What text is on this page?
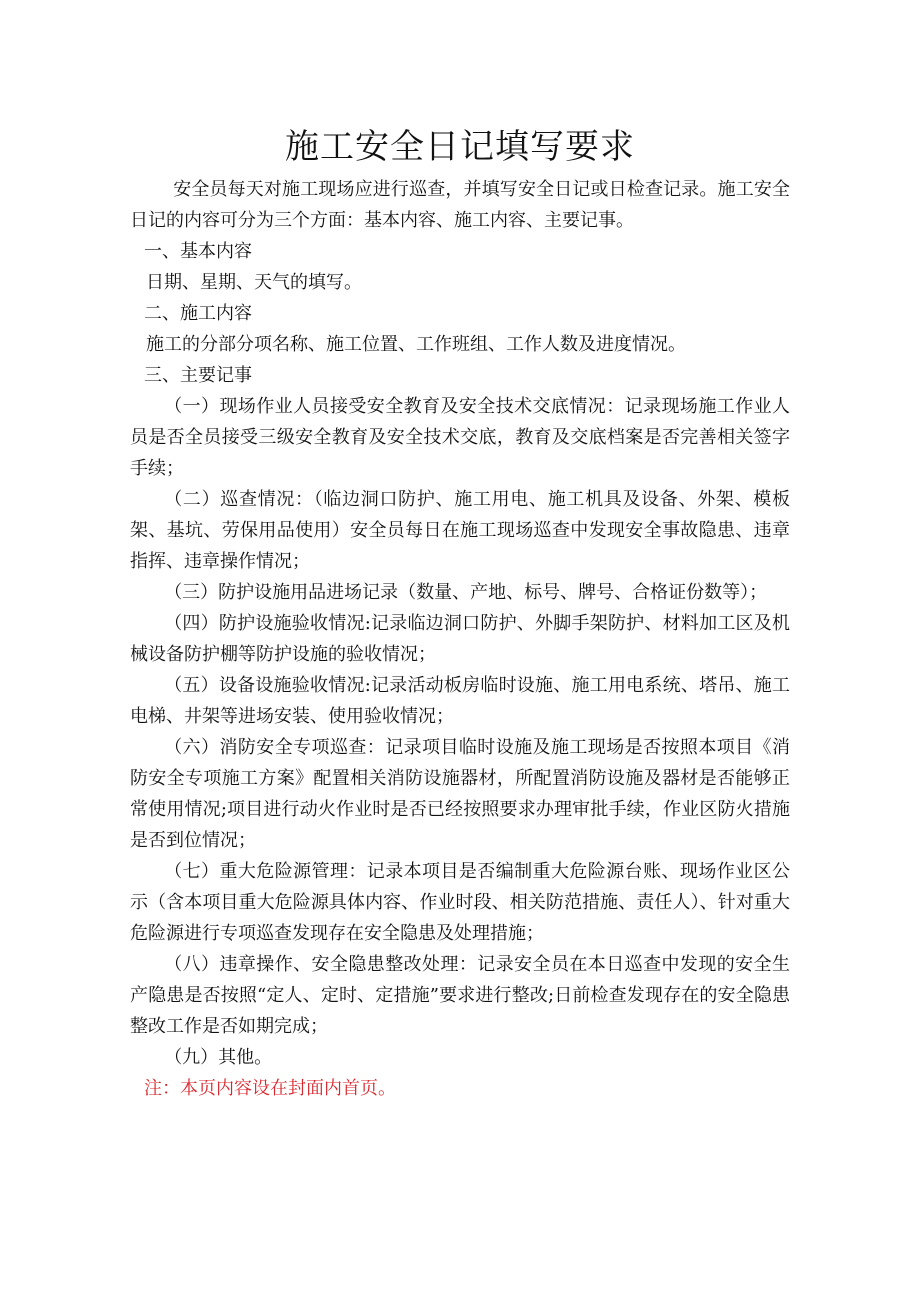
施工安全日记填写要求

安全员每天对施工现场应进行巡查，并填写安全日记或日检查记录。施工安全日记的内容可分为三个方面：基本内容、施工内容、主要记事。

一、基本内容

日期、星期、天气的填写。

二、施工内容

施工的分部分项名称、施工位置、工作班组、工作人数及进度情况。

三、主要记事

（一）现场作业人员接受安全教育及安全技术交底情况：记录现场施工作业人员是否全员接受三级安全教育及安全技术交底，教育及交底档案是否完善相关签字手续；

（二）巡查情况：（临边洞口防护、施工用电、施工机具及设备、外架、模板架、基坑、劳保用品使用）安全员每日在施工现场巡查中发现安全事故隐患、违章指挥、违章操作情况；

（三）防护设施用品进场记录（数量、产地、标号、牌号、合格证份数等）；

（四）防护设施验收情况:记录临边洞口防护、外脚手架防护、材料加工区及机械设备防护棚等防护设施的验收情况；

（五）设备设施验收情况:记录活动板房临时设施、施工用电系统、塔吊、施工电梯、井架等进场安装、使用验收情况；

（六）消防安全专项巡查：记录项目临时设施及施工现场是否按照本项目《消防安全专项施工方案》配置相关消防设施器材，所配置消防设施及器材是否能够正常使用情况;项目进行动火作业时是否已经按照要求办理审批手续，作业区防火措施是否到位情况；

（七）重大危险源管理：记录本项目是否编制重大危险源台账、现场作业区公示（含本项目重大危险源具体内容、作业时段、相关防范措施、责任人）、针对重大危险源进行专项巡查发现存在安全隐患及处理措施；

（八）违章操作、安全隐患整改处理：记录安全员在本日巡查中发现的安全生产隐患是否按照“定人、定时、定措施”要求进行整改;日前检查发现存在的安全隐患整改工作是否如期完成；

（九）其他。

注：本页内容设在封面内首页。
